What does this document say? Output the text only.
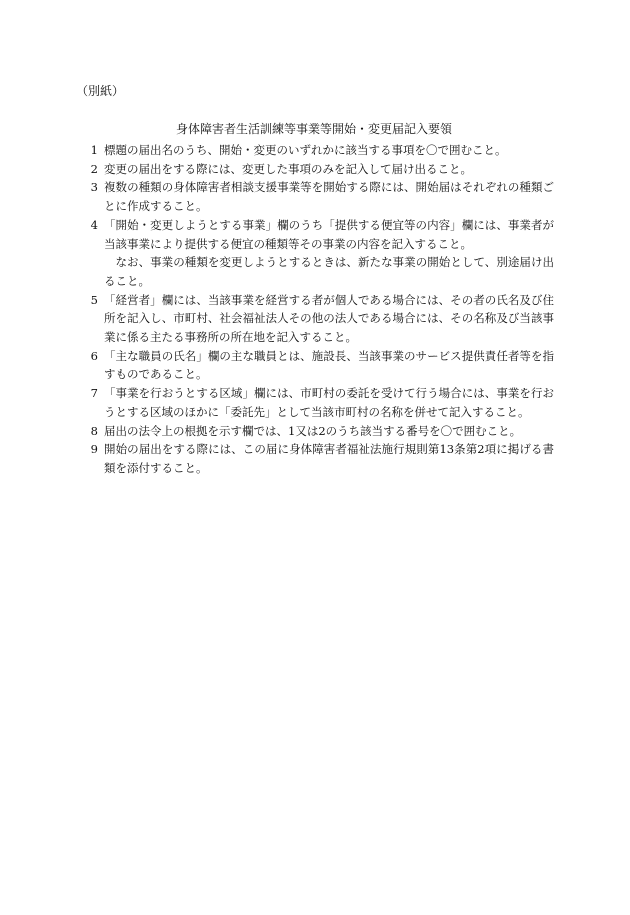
（別紙）
身体障害者生活訓練等事業等開始・変更届記入要領
1 標題の届出名のうち、開始・変更のいずれかに該当する事項を〇で囲むこと。
2 変更の届出をする際には、変更した事項のみを記入して届け出ること。
3 複数の種類の身体障害者相談支援事業等を開始する際には、開始届はそれぞれの種類ごとに作成すること。
4 「開始・変更しようとする事業」欄のうち「提供する便宜等の内容」欄には、事業者が当該事業により提供する便宜の種類等その事業の内容を記入すること。
なお、事業の種類を変更しようとするときは、新たな事業の開始として、別途届け出ること。
5 「経営者」欄には、当該事業を経営する者が個人である場合には、その者の氏名及び住所を記入し、市町村、社会福祉法人その他の法人である場合には、その名称及び当該事業に係る主たる事務所の所在地を記入すること。
6 「主な職員の氏名」欄の主な職員とは、施設長、当該事業のサービス提供責任者等を指すものであること。
7 「事業を行おうとする区域」欄には、市町村の委託を受けて行う場合には、事業を行おうとする区域のほかに「委託先」として当該市町村の名称を併せて記入すること。
8 届出の法令上の根拠を示す欄では、1又は2のうち該当する番号を〇で囲むこと。
9 開始の届出をする際には、この届に身体障害者福祉法施行規則第13条第2項に掲げる書類を添付すること。
